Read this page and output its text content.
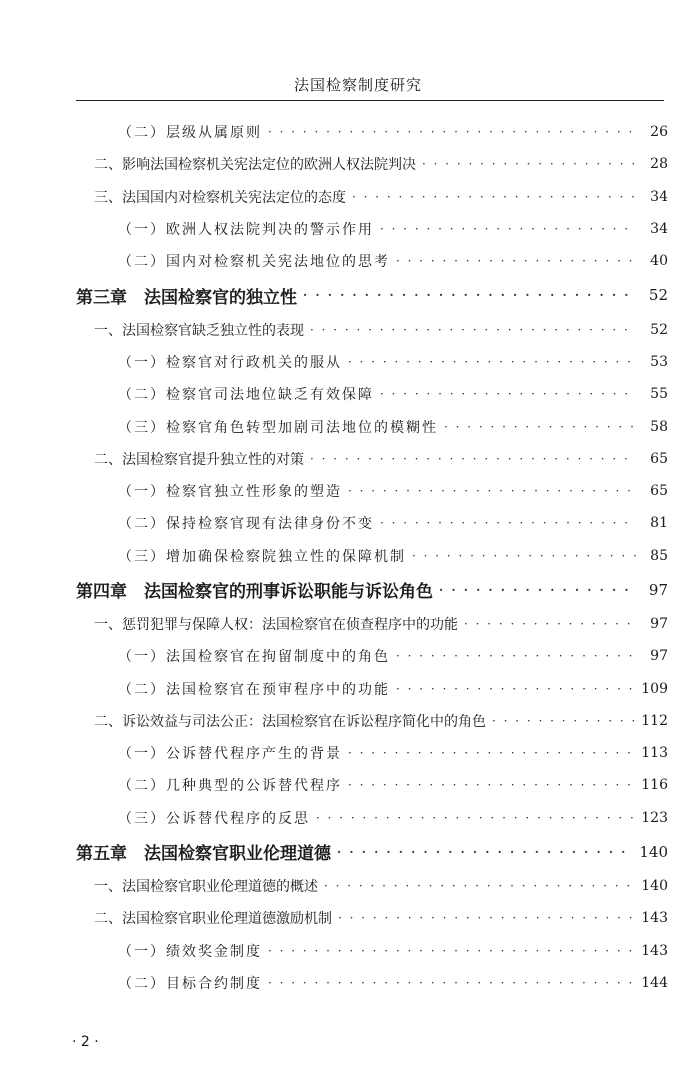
法国检察制度研究
（二）层级从属原则 · · ·	26
二、影响法国检察机关宪法定位的欧洲人权法院判决 · · ·	28
三、法国国内对检察机关宪法定位的态度 · · ·	34
（一）欧洲人权法院判决的警示作用 · · ·	34
（二）国内对检察机关宪法地位的思考 · · ·	40
第三章　法国检察官的独立性 · · ·	52
一、法国检察官缺乏独立性的表现 · · ·	52
（一）检察官对行政机关的服从 · · ·	53
（二）检察官司法地位缺乏有效保障 · · ·	55
（三）检察官角色转型加剧司法地位的模糊性 · · ·	58
二、法国检察官提升独立性的对策 · · ·	65
（一）检察官独立性形象的塑造 · · ·	65
（二）保持检察官现有法律身份不变 · · ·	81
（三）增加确保检察院独立性的保障机制 · · ·	85
第四章　法国检察官的刑事诉讼职能与诉讼角色 · · ·	97
一、惩罚犯罪与保障人权：法国检察官在侦查程序中的功能 · · ·	97
（一）法国检察官在拘留制度中的角色 · · ·	97
（二）法国检察官在预审程序中的功能 · · ·	109
二、诉讼效益与司法公正：法国检察官在诉讼程序简化中的角色 · · ·	112
（一）公诉替代程序产生的背景 · · ·	113
（二）几种典型的公诉替代程序 · · ·	116
（三）公诉替代程序的反思 · · ·	123
第五章　法国检察官职业伦理道德 · · ·	140
一、法国检察官职业伦理道德的概述 · · ·	140
二、法国检察官职业伦理道德激励机制 · · ·	143
（一）绩效奖金制度 · · ·	143
（二）目标合约制度 · · ·	144
· 2 ·
